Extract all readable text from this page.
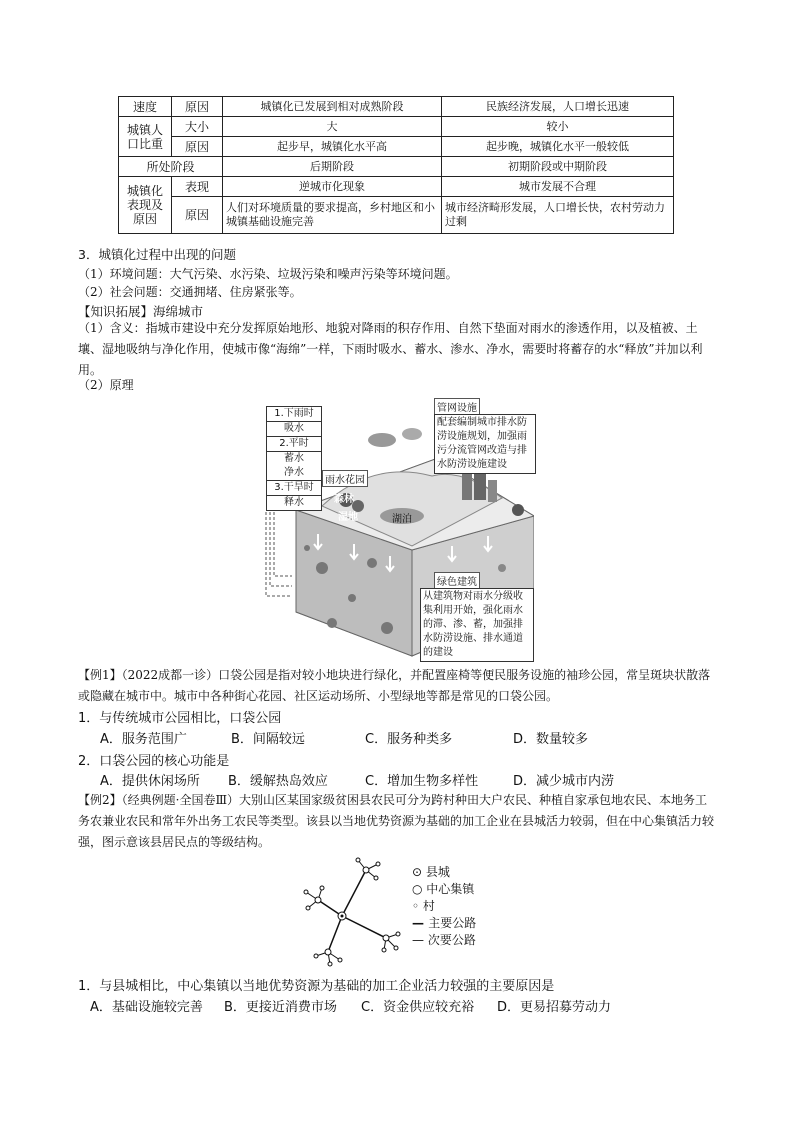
速度	原因	城镇化已发展到相对成熟阶段	民族经济发展，人口增长迅速
城镇人口比重	大小	大	较小
	原因	起步早，城镇化水平高	起步晚，城镇化水平一般较低
所处阶段		后期阶段	初期阶段或中期阶段
城镇化表现及原因	表现	逆城市化现象	城市发展不合理
	原因	人们对环境质量的要求提高，乡村地区和小城镇基础设施完善	城市经济畸形发展，人口增长快，农村劳动力过剩
3．城镇化过程中出现的问题
（1）环境问题：大气污染、水污染、垃圾污染和噪声污染等环境问题。
（2）社会问题：交通拥堵、住房紧张等。
【知识拓展】海绵城市
（1）含义：指城市建设中充分发挥原始地形、地貌对降雨的积存作用、自然下垫面对雨水的渗透作用，以及植被、土壤、湿地吸纳与净化作用，使城市像“海绵”一样，下雨时吸水、蓄水、渗水、净水，需要时将蓄存的水“释放”并加以利用。
（2）原理
1.下雨时
吸水
2.平时
蓄水
净水
3.干旱时
释水
管网设施
配套编制城市排水防涝设施规划，加强雨污分流管网改造与排水防涝设施建设
雨水花园
森林
湿地	湖泊
绿色建筑
从建筑物对雨水分级收集利用开始，强化雨水的滞、渗、蓄，加强排水防涝设施、排水通道的建设
【例1】（2022成都一诊）口袋公园是指对较小地块进行绿化，并配置座椅等便民服务设施的袖珍公园，常呈斑块状散落或隐藏在城市中。城市中各种街心花园、社区运动场所、小型绿地等都是常见的口袋公园。
1．与传统城市公园相比，口袋公园
A．服务范围广	B．间隔较远	C．服务种类多	D．数量较多
2．口袋公园的核心功能是
A．提供休闲场所 B．缓解热岛效应	C．增加生物多样性	D．减少城市内涝
【例2】（经典例题·全国卷Ⅲ）大别山区某国家级贫困县农民可分为跨村种田大户农民、种植自家承包地农民、本地务工务农兼业农民和常年外出务工农民等类型。该县以当地优势资源为基础的加工企业在县城活力较弱，但在中心集镇活力较强，图示意该县居民点的等级结构。
⊙ 县城
○ 中心集镇
◦ 村
— 主要公路
— 次要公路
1．与县城相比，中心集镇以当地优势资源为基础的加工企业活力较强的主要原因是
A．基础设施较完善 B．更接近消费市场 C．资金供应较充裕 D．更易招募劳动力
